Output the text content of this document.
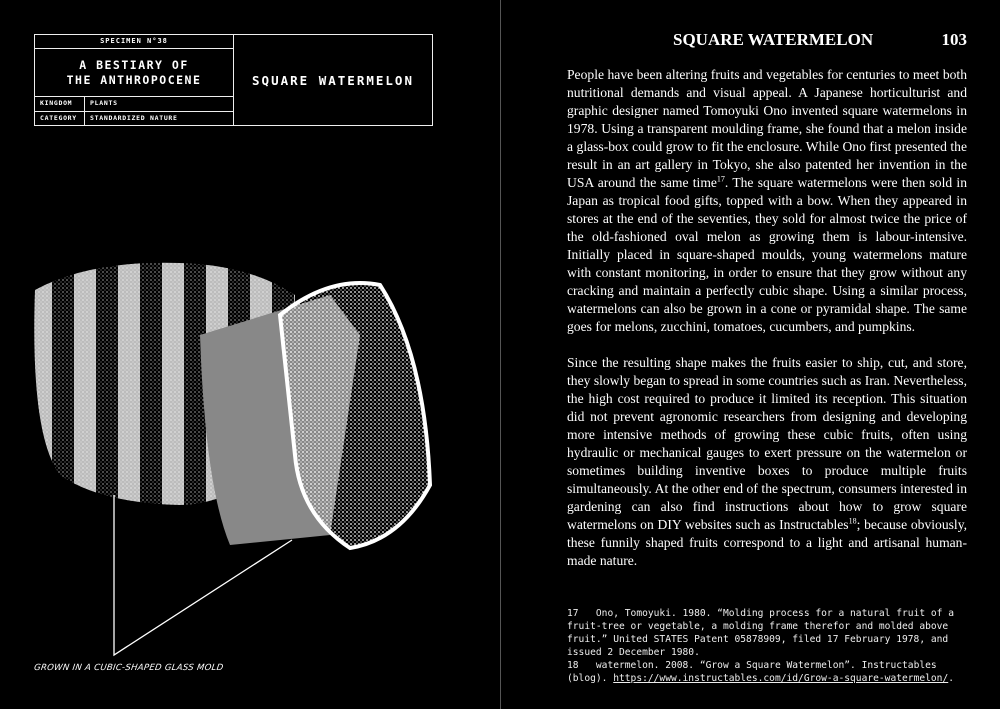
SPECIMEN N°38
A BESTIARY OF
THE ANTHROPOCENE
KINGDOM	PLANTS
CATEGORY	STANDARDIZED NATURE
SQUARE WATERMELON
GROWN IN A CUBIC-SHAPED GLASS MOLD
SQUARE WATERMELON	103

People have been altering fruits and vegetables for centuries to meet both nutritional demands and visual appeal. A Japanese horticulturist and graphic designer named Tomoyuki Ono invented square watermelons in 1978. Using a transparent moulding frame, she found that a melon inside a glass-box could grow to fit the enclosure. While Ono first presented the result in an art gallery in Tokyo, she also patented her invention in the USA around the same time$^{17}$. The square watermelons were then sold in Japan as tropical food gifts, topped with a bow. When they appeared in stores at the end of the seventies, they sold for almost twice the price of the old-fashioned oval melon as growing them is labour-intensive. Initially placed in square-shaped moulds, young watermelons mature with constant monitoring, in order to ensure that they grow without any cracking and maintain a perfectly cubic shape. Using a similar process, watermelons can also be grown in a cone or pyramidal shape. The same goes for melons, zucchini, tomatoes, cucumbers, and pumpkins.

Since the resulting shape makes the fruits easier to ship, cut, and store, they slowly began to spread in some countries such as Iran. Nevertheless, the high cost required to produce it limited its reception. This situation did not prevent agronomic researchers from designing and developing more intensive methods of growing these cubic fruits, often using hydraulic or mechanical gauges to exert pressure on the watermelon or sometimes building inventive boxes to produce multiple fruits simultaneously. At the other end of the spectrum, consumers interested in gardening can also find instructions about how to grow square watermelons on DIY websites such as Instructables$^{18}$; because obviously, these funnily shaped fruits correspond to a light and artisanal human-made nature.

17 Ono, Tomoyuki. 1980. “Molding process for a natural fruit of a fruit-tree or vegetable, a molding frame therefor and molded above fruit.” United STATES Patent 05878909, filed 17 February 1978, and issued 2 December 1980.
18 watermelon. 2008. “Grow a Square Watermelon”. Instructables (blog). https://www.instructables.com/id/Grow-a-square-watermelon/.
